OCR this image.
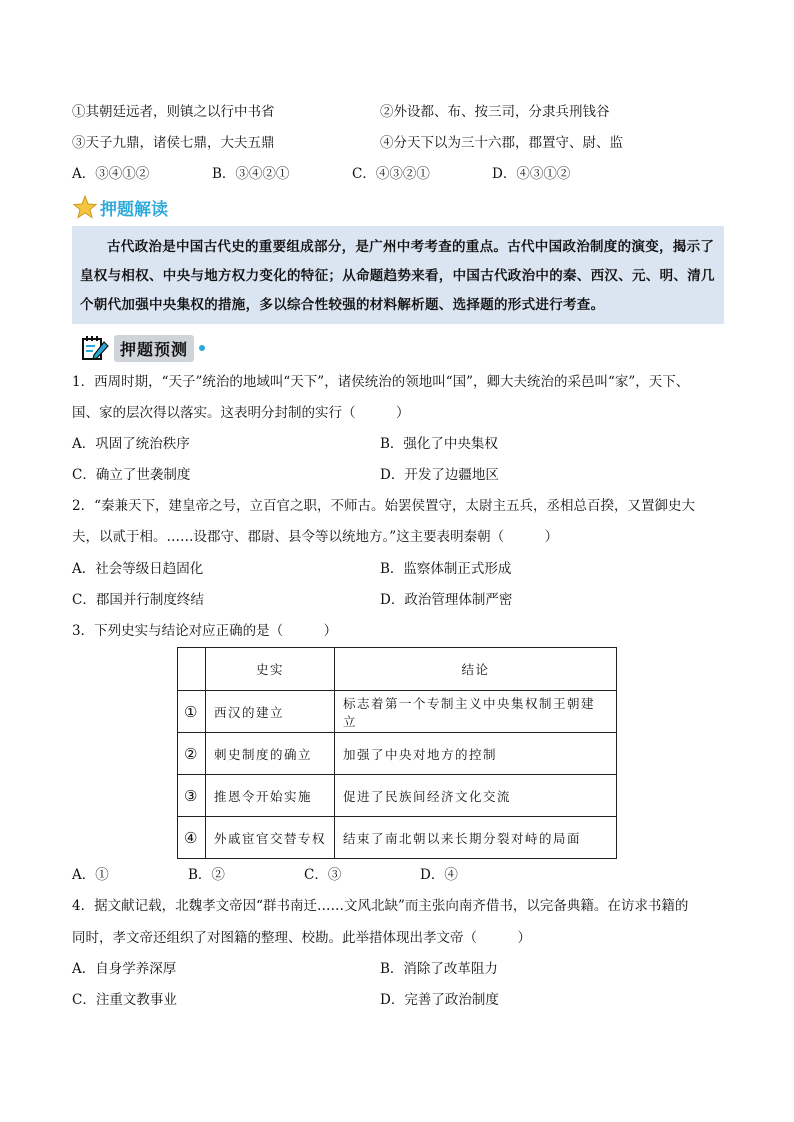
①其朝廷远者，则镇之以行中书省	②外设都、布、按三司，分隶兵刑钱谷
③天子九鼎，诸侯七鼎，大夫五鼎	④分天下以为三十六郡，郡置守、尉、监
A．③④①②	B．③④②①	C．④③②①	D．④③①②
押题解读

古代政治是中国古代史的重要组成部分，是广州中考考查的重点。古代中国政治制度的演变，揭示了

皇权与相权、中央与地方权力变化的特征；从命题趋势来看，中国古代政治中的秦、西汉、元、明、清几

个朝代加强中央集权的措施，多以综合性较强的材料解析题、选择题的形式进行考查。

押题预测
1．西周时期，“天子”统治的地域叫“天下”，诸侯统治的领地叫“国”，卿大夫统治的采邑叫“家”，天下、
国、家的层次得以落实。这表明分封制的实行（　　　）
A．巩固了统治秩序	B．强化了中央集权
C．确立了世袭制度	D．开发了边疆地区
2．“秦兼天下，建皇帝之号，立百官之职，不师古。始罢侯置守，太尉主五兵，丞相总百揆，又置御史大
夫，以贰于相。……设郡守、郡尉、县令等以统地方。”这主要表明秦朝（　　　）
A．社会等级日趋固化	B．监察体制正式形成
C．郡国并行制度终结	D．政治管理体制严密
3．下列史实与结论对应正确的是（　　　）
	史实	结论
①	西汉的建立	标志着第一个专制主义中央集权制王朝建立
②	刺史制度的确立	加强了中央对地方的控制
③	推恩令开始实施	促进了民族间经济文化交流
④	外戚宦官交替专权	结束了南北朝以来长期分裂对峙的局面
A．①	B．②	C．③	D．④
4．据文献记载，北魏孝文帝因“群书南迁……文风北缺”而主张向南齐借书，以完备典籍。在访求书籍的
同时，孝文帝还组织了对图籍的整理、校勘。此举措体现出孝文帝（　　　）
A．自身学养深厚	B．消除了改革阻力
C．注重文教事业	D．完善了政治制度
